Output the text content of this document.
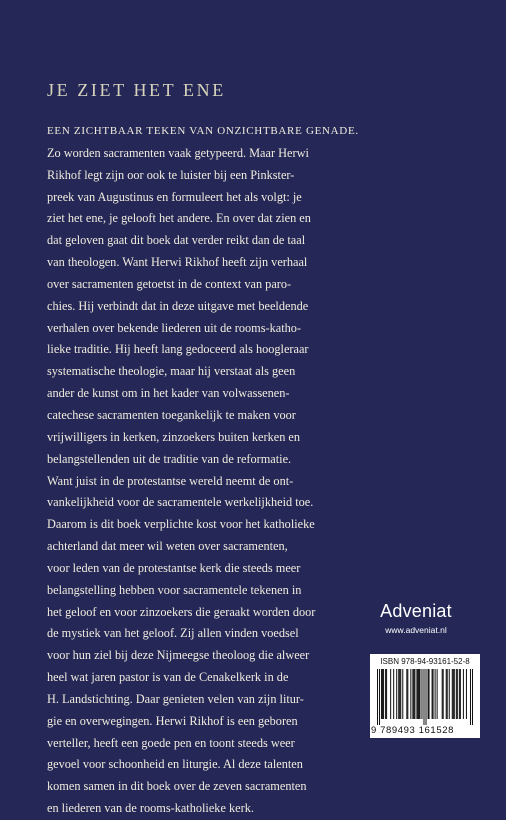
JE ZIET HET ENE
EEN ZICHTBAAR TEKEN VAN ONZICHTBARE GENADE.
Zo worden sacramenten vaak getypeerd. Maar Herwi
Rikhof legt zijn oor ook te luister bij een Pinkster-
preek van Augustinus en formuleert het als volgt: je
ziet het ene, je gelooft het andere. En over dat zien en
dat geloven gaat dit boek dat verder reikt dan de taal
van theologen. Want Herwi Rikhof heeft zijn verhaal
over sacramenten getoetst in de context van paro-
chies. Hij verbindt dat in deze uitgave met beeldende
verhalen over bekende liederen uit de rooms-katho-
lieke traditie. Hij heeft lang gedoceerd als hoogleraar
systematische theologie, maar hij verstaat als geen
ander de kunst om in het kader van volwassenen-
catechese sacramenten toegankelijk te maken voor
vrijwilligers in kerken, zinzoekers buiten kerken en
belangstellenden uit de traditie van de reformatie.
Want juist in de protestantse wereld neemt de ont-
vankelijkheid voor de sacramentele werkelijkheid toe.
Daarom is dit boek verplichte kost voor het katholieke
achterland dat meer wil weten over sacramenten,
voor leden van de protestantse kerk die steeds meer
belangstelling hebben voor sacramentele tekenen in
het geloof en voor zinzoekers die geraakt worden door
de mystiek van het geloof. Zij allen vinden voedsel
voor hun ziel bij deze Nijmeegse theoloog die alweer
heel wat jaren pastor is van de Cenakelkerk in de
H. Landstichting. Daar genieten velen van zijn litur-
gie en overwegingen. Herwi Rikhof is een geboren
verteller, heeft een goede pen en toont steeds weer
gevoel voor schoonheid en liturgie. Al deze talenten
komen samen in dit boek over de zeven sacramenten
en liederen van de rooms-katholieke kerk.
Adveniat
www.adveniat.nl
ISBN 978-94-93161-52-8
9 789493 161528
